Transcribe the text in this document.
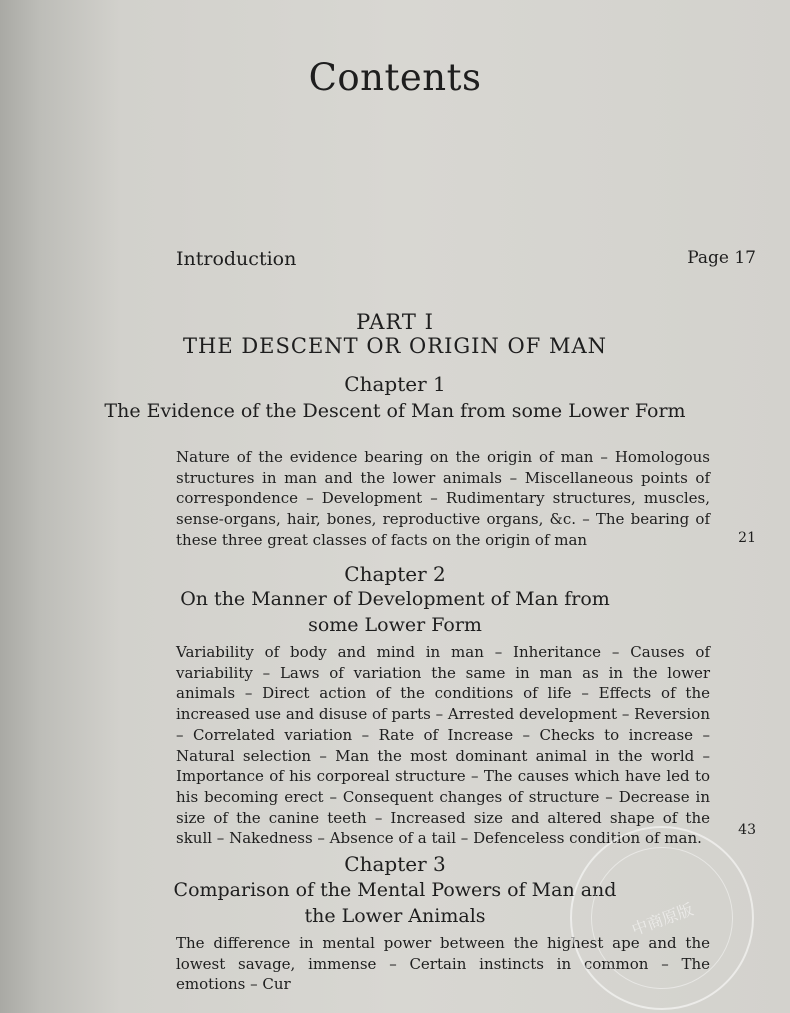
Contents
Introduction	Page 17
PART I
THE DESCENT OR ORIGIN OF MAN
Chapter 1
The Evidence of the Descent of Man from some Lower Form

Nature of the evidence bearing on the origin of man – Homologous structures in man and the lower animals – Miscellaneous points of correspondence – Development – Rudimentary structures, muscles, sense-organs, hair, bones, reproductive organs, &c. – The bearing of these three great classes of facts on the origin of man	21
Chapter 2
On the Manner of Development of Man from
some Lower Form

Variability of body and mind in man – Inheritance – Causes of variability – Laws of variation the same in man as in the lower animals – Direct action of the conditions of life – Effects of the increased use and disuse of parts – Arrested development – Reversion – Correlated variation – Rate of Increase – Checks to increase – Natural selection – Man the most dominant animal in the world – Importance of his corporeal structure – The causes which have led to his becoming erect – Consequent changes of structure – Decrease in size of the canine teeth – Increased size and altered shape of the skull – Nakedness – Absence of a tail – Defenceless condition of man.	43
Chapter 3
Comparison of the Mental Powers of Man and
the Lower Animals

The difference in mental power between the highest ape and the lowest savage, immense – Certain instincts in common – The emotions – Cur

中商原版
